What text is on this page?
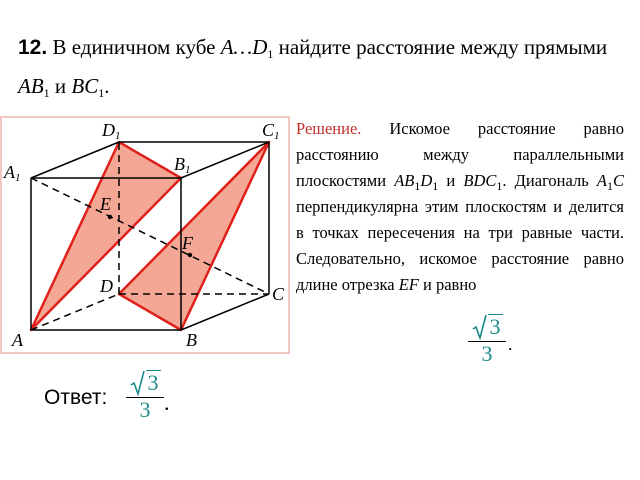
12. В единичном кубе $A\dots D_1$ найдите расстояние между прямыми $AB_1$ и $BC_1$.
D1	C1
A1
B1
E
F
D	C
A	B
Решение. Искомое расстояние равно расстоянию между параллельными плоскостями $AB_1D_1$ и $BDC_1$. Диагональ $A_1C$ перпендикулярна этим плоскостям и делится в точках пересечения на три равные части. Следовательно, искомое расстояние равно длине отрезка EF и равно
3
3 .
Ответ:
3
3 .
